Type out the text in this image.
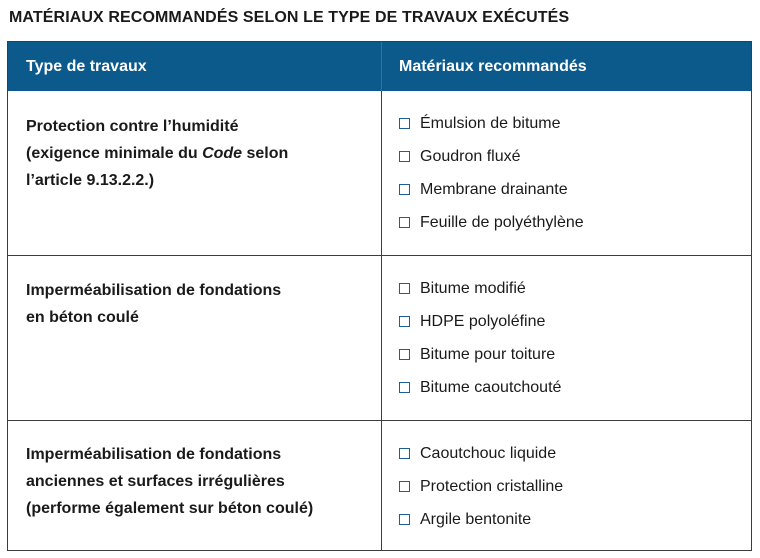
MATÉRIAUX RECOMMANDÉS SELON LE TYPE DE TRAVAUX EXÉCUTÉS
Type de travaux	Matériaux recommandés
Protection contre l’humidité
(exigence minimale du Code selon
l’article 9.13.2.2.)
Émulsion de bitume
Goudron fluxé
Membrane drainante
Feuille de polyéthylène
Imperméabilisation de fondations
en béton coulé
Bitume modifié
HDPE polyoléfine
Bitume pour toiture
Bitume caoutchouté
Imperméabilisation de fondations
anciennes et surfaces irrégulières
(performe également sur béton coulé)
Caoutchouc liquide
Protection cristalline
Argile bentonite
